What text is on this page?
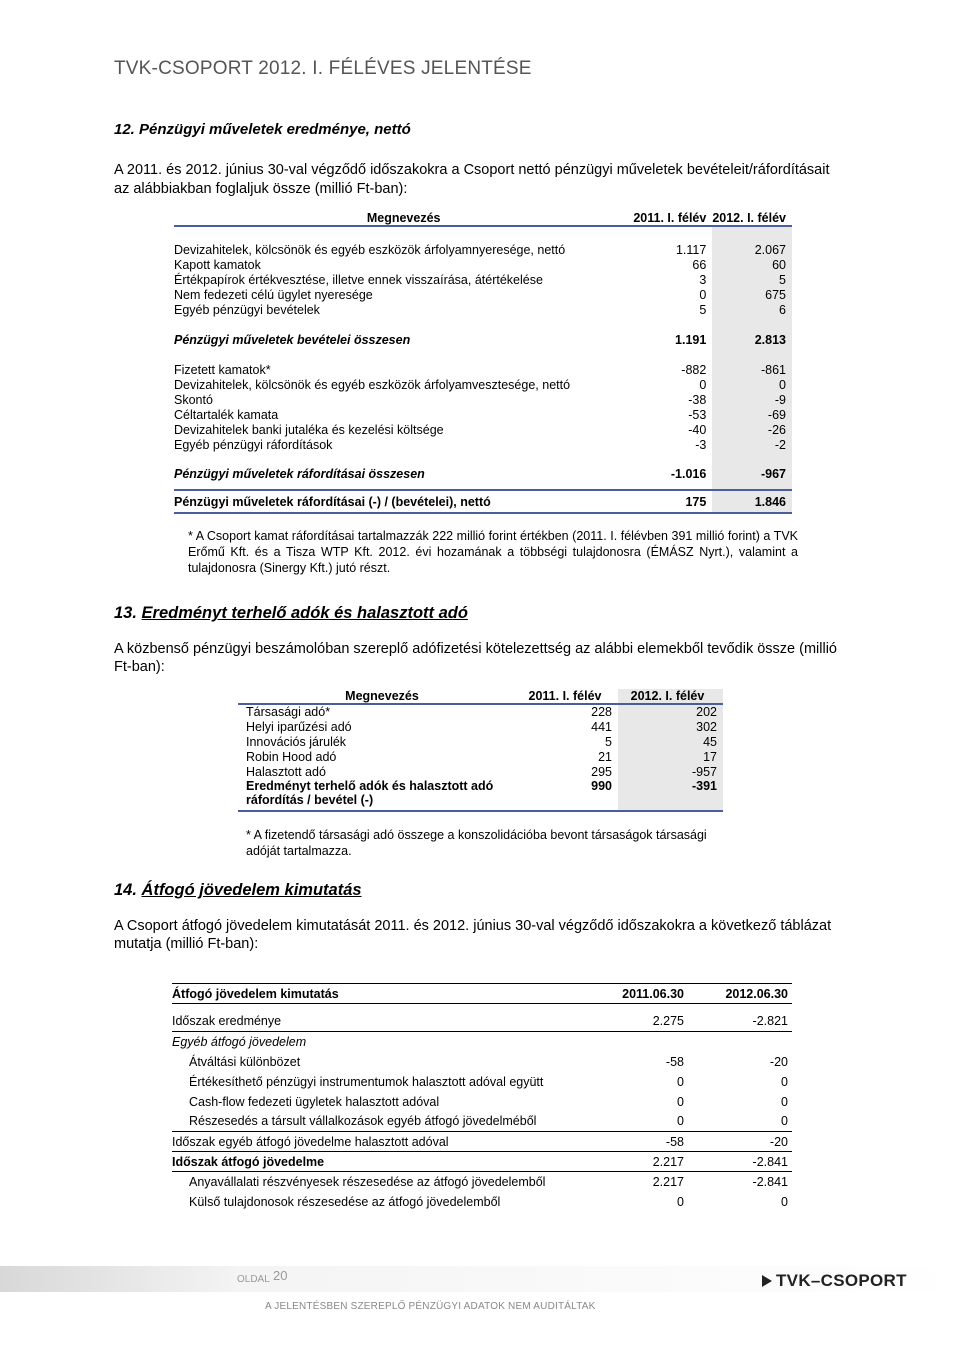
TVK-CSOPORT 2012. I. FÉLÉVES JELENTÉSE
12. Pénzügyi műveletek eredménye, nettó
A 2011. és 2012. június 30-val végződő időszakokra a Csoport nettó pénzügyi műveletek bevételeit/ráfordításait
az alábbiakban foglaljuk össze (millió Ft-ban):
Megnevezés	2011. I. félév	2012. I. félév

Devizahitelek, kölcsönök és egyéb eszközök árfolyamnyeresége, nettó	1.117	2.067
Kapott kamatok	66	60
Értékpapírok értékvesztése, illetve ennek visszaírása, átértékelése	3	5
Nem fedezeti célú ügylet nyeresége	0	675
Egyéb pénzügyi bevételek	5	6

Pénzügyi műveletek bevételei összesen	1.191	2.813

Fizetett kamatok*	-882	-861
Devizahitelek, kölcsönök és egyéb eszközök árfolyamvesztesége, nettó	0	0
Skontó	-38	-9
Céltartalék kamata	-53	-69
Devizahitelek banki jutaléka és kezelési költsége	-40	-26
Egyéb pénzügyi ráfordítások	-3	-2

Pénzügyi műveletek ráfordításai összesen	-1.016	-967
Pénzügyi műveletek ráfordításai (-) / (bevételei), nettó	175	1.846
* A Csoport kamat ráfordításai tartalmazzák 222 millió forint értékben (2011. I. félévben 391 millió forint) a TVK Erőmű Kft. és a Tisza WTP Kft. 2012. évi hozamának a többségi tulajdonosra (ÉMÁSZ Nyrt.), valamint a tulajdonosra (Sinergy Kft.) jutó részt.
13. Eredményt terhelő adók és halasztott adó
A közbenső pénzügyi beszámolóban szereplő adófizetési kötelezettség az alábbi elemekből tevődik össze (millió
Ft-ban):
Megnevezés	2011. I. félév	2012. I. félév
Társasági adó*	228	202
Helyi iparűzési adó	441	302
Innovációs járulék	5	45
Robin Hood adó	21	17
Halasztott adó	295	-957

Eredményt terhelő adók és halasztott adó
ráfordítás / bevétel (-)	990	-391
* A fizetendő társasági adó összege a konszolidációba bevont társaságok társasági adóját tartalmazza.
14. Átfogó jövedelem kimutatás
A Csoport átfogó jövedelem kimutatását 2011. és 2012. június 30-val végződő időszakokra a következő táblázat
mutatja (millió Ft-ban):
Átfogó jövedelem kimutatás	2011.06.30	2012.06.30

Időszak eredménye	2.275	-2.821
Egyéb átfogó jövedelem		
Átváltási különbözet	-58	-20
Értékesíthető pénzügyi instrumentumok halasztott adóval együtt	0	0
Cash-flow fedezeti ügyletek halasztott adóval	0	0
Részesedés a társult vállalkozások egyéb átfogó jövedelméből	0	0
Időszak egyéb átfogó jövedelme halasztott adóval	-58	-20
Időszak átfogó jövedelme	2.217	-2.841
Anyavállalati részvényesek részesedése az átfogó jövedelemből	2.217	-2.841
Külső tulajdonosok részesedése az átfogó jövedelemből	0	0
OLDAL 20	TVK–CSOPORT
A JELENTÉSBEN SZEREPLŐ PÉNZÜGYI ADATOK NEM AUDITÁLTAK
